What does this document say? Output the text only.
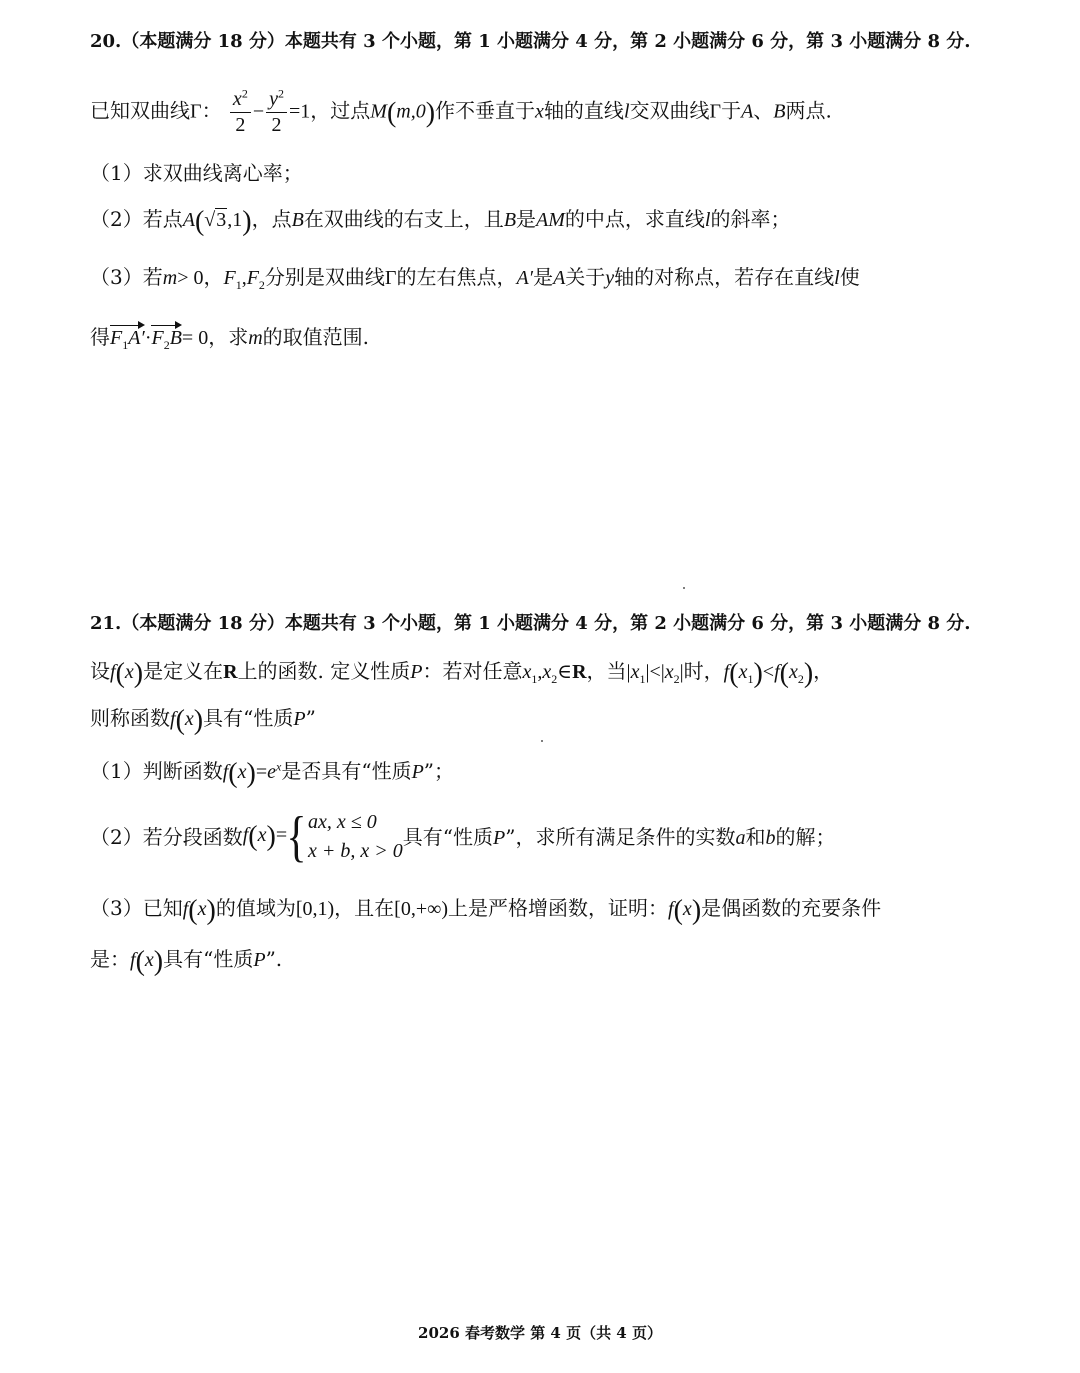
20.（本题满分 18 分）本题共有 3 个小题，第 1 小题满分 4 分，第 2 小题满分 6 分，第 3 小题满分 8 分.
已知双曲线Γ： $\frac{x^2}{2} - \frac{y^2}{2} =1$，过点M(m,0)作不垂直于x轴的直线l交双曲线Γ于A、B两点.
（1）求双曲线离心率；
（2）若点A(√3,1)，点B在双曲线的右支上，且B是AM的中点，求直线l的斜率；
（3）若m> 0，$F_1,F_2$分别是双曲线Γ的左右焦点，A′是A关于y轴的对称点，若存在直线l使
得$F_1A'\cdot F_2B= 0$，求m的取值范围.
21.（本题满分 18 分）本题共有 3 个小题，第 1 小题满分 4 分，第 2 小题满分 6 分，第 3 小题满分 8 分.
设f(x)是定义在R上的函数. 定义性质P：若对任意$x_1,x_2\in R$，当$|x_1|<|x_2|$时，$f(x_1)<f(x_2)$，
则称函数f(x)具有“性质P”
（1）判断函数$f(x)=e^x$是否具有“性质P”；
（2）若分段函数f(x)={ ax, x ≤ 0
x + b, x > 0
具有“性质P”，求所有满足条件的实数a和b的解；
（3）已知f(x)的值域为[0,1)，且在[0,+∞)上是严格增函数，证明：f(x)是偶函数的充要条件
是：f(x)具有“性质P”.
2026 春考数学 第 4 页（共 4 页）
